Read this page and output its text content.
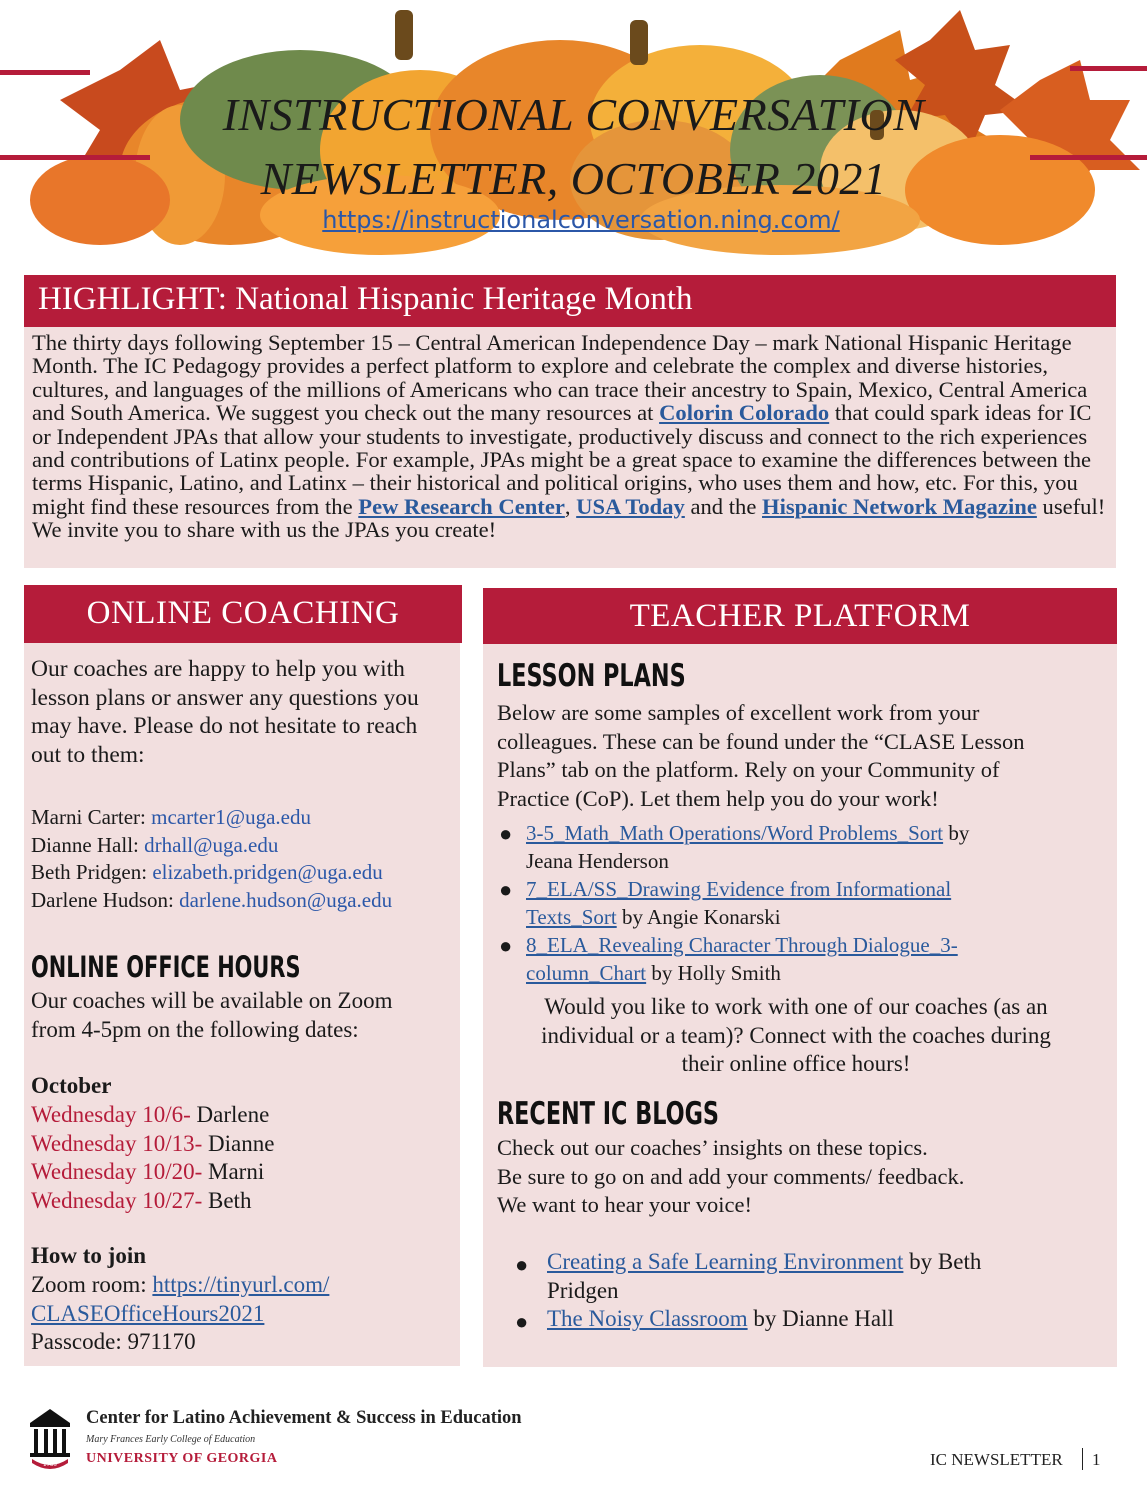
INSTRUCTIONAL CONVERSATION
NEWSLETTER, OCTOBER 2021
https://instructionalconversation.ning.com/
HIGHLIGHT: National Hispanic Heritage Month
The thirty days following September 15 – Central American Independence Day – mark National Hispanic Heritage Month. The IC Pedagogy provides a perfect platform to explore and celebrate the complex and diverse histories, cultures, and languages of the millions of Americans who can trace their ancestry to Spain, Mexico, Central America and South America. We suggest you check out the many resources at Colorin Colorado that could spark ideas for IC or Independent JPAs that allow your students to investigate, productively discuss and connect to the rich experiences and contributions of Latinx people. For example, JPAs might be a great space to examine the differences between the terms Hispanic, Latino, and Latinx – their historical and political origins, who uses them and how, etc. For this, you might find these resources from the Pew Research Center, USA Today and the Hispanic Network Magazine useful! We invite you to share with us the JPAs you create!
ONLINE COACHING
Our coaches are happy to help you with
lesson plans or answer any questions you
may have. Please do not hesitate to reach
out to them:
Marni Carter: mcarter1@uga.edu
Dianne Hall: drhall@uga.edu
Beth Pridgen: elizabeth.pridgen@uga.edu
Darlene Hudson: darlene.hudson@uga.edu
ONLINE OFFICE HOURS
Our coaches will be available on Zoom
from 4-5pm on the following dates:
October
Wednesday 10/6- Darlene
Wednesday 10/13- Dianne
Wednesday 10/20- Marni
Wednesday 10/27- Beth
How to join
Zoom room: https://tinyurl.com/
CLASEOfficeHours2021
Passcode: 971170
TEACHER PLATFORM
LESSON PLANS
Below are some samples of excellent work from your
colleagues. These can be found under the “CLASE Lesson
Plans” tab on the platform. Rely on your Community of
Practice (CoP). Let them help you do your work!
● 3-5_Math_Math Operations/Word Problems_Sort by
Jeana Henderson
● 7_ELA/SS_Drawing Evidence from Informational
Texts_Sort by Angie Konarski
● 8_ELA_Revealing Character Through Dialogue_3-
column_Chart by Holly Smith
Would you like to work with one of our coaches (as an
individual or a team)? Connect with the coaches during
their online office hours!
RECENT IC BLOGS
Check out our coaches’ insights on these topics.
Be sure to go on and add your comments/ feedback.
We want to hear your voice!
● Creating a Safe Learning Environment by Beth
Pridgen
● The Noisy Classroom by Dianne Hall
1785
Center for Latino Achievement & Success in Education
Mary Frances Early College of Education
UNIVERSITY OF GEORGIA	IC NEWSLETTER 1
